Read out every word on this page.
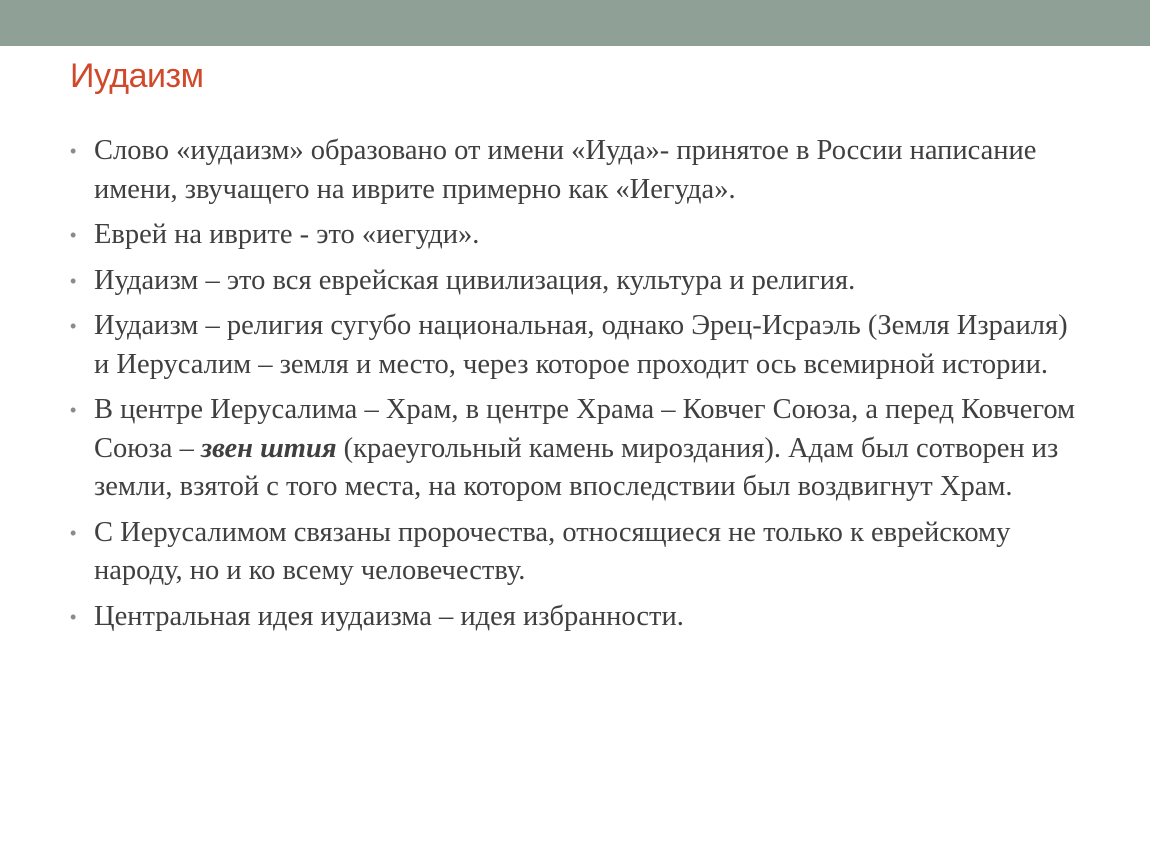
Иудаизм
• Слово «иудаизм» образовано от имени «Иуда»- принятое в России написание имени, звучащего на иврите примерно как «Иегуда».
• Еврей на иврите - это «иегуди».
• Иудаизм – это вся еврейская цивилизация, культура и религия.
• Иудаизм – религия сугубо национальная, однако Эрец-Исраэль (Земля Израиля) и Иерусалим – земля и место, через которое проходит ось всемирной истории.
• В центре Иерусалима – Храм, в центре Храма – Ковчег Союза, а перед Ковчегом Союза – звен штия (краеугольный камень мироздания). Адам был сотворен из земли, взятой с того места, на котором впоследствии был воздвигнут Храм.
• С Иерусалимом связаны пророчества, относящиеся не только к еврейскому народу, но и ко всему человечеству.
• Центральная идея иудаизма – идея избранности.
